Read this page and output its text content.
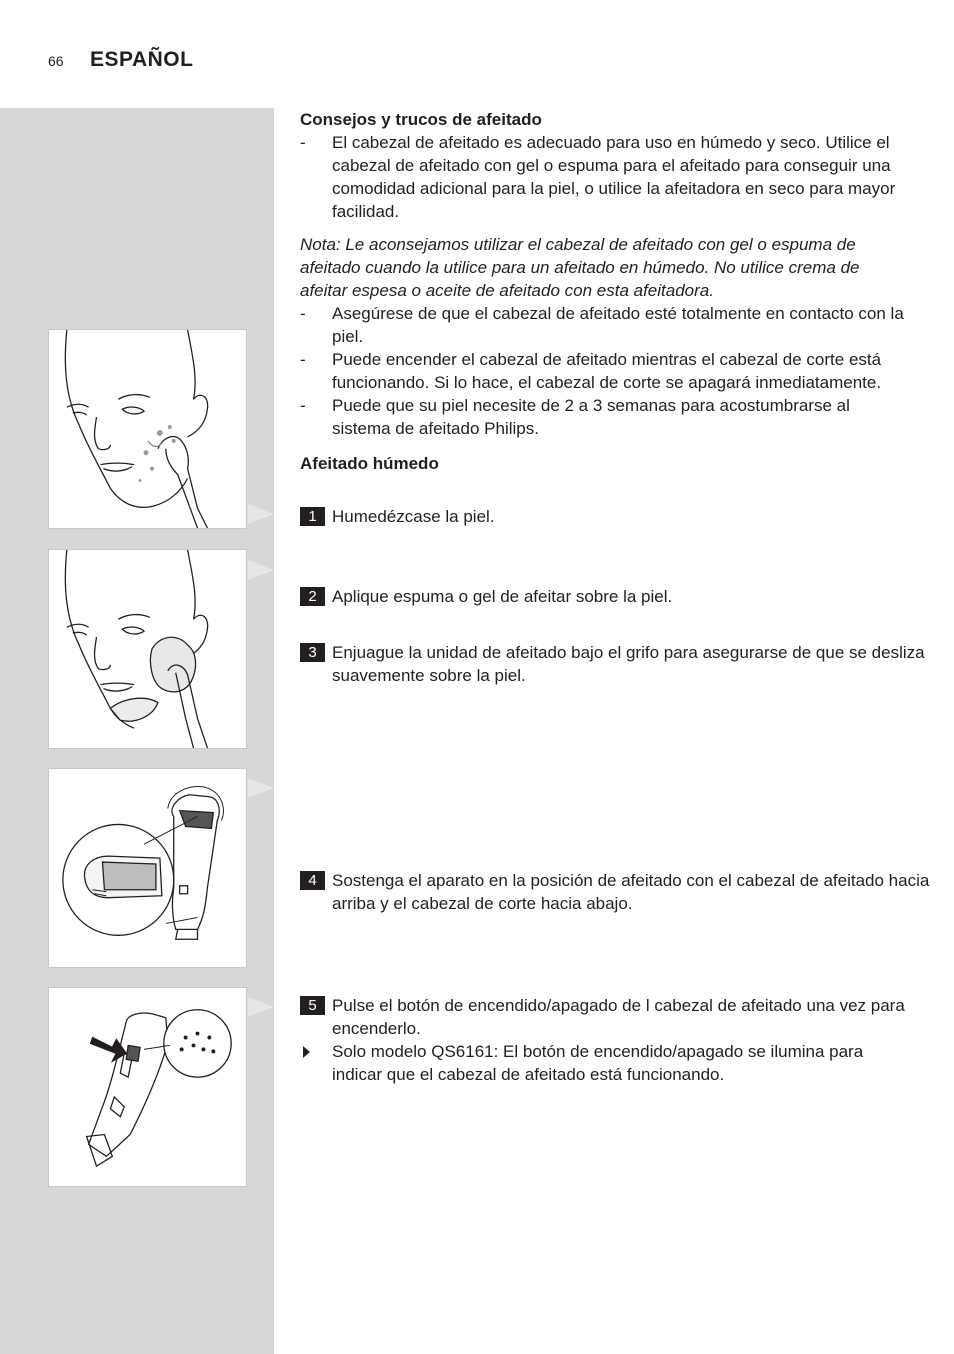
66 ESPAÑOL
Consejos y trucos de afeitado
- El cabezal de afeitado es adecuado para uso en húmedo y seco. Utilice el cabezal de afeitado con gel o espuma para el afeitado para conseguir una comodidad adicional para la piel, o utilice la afeitadora en seco para mayor facilidad.
Nota: Le aconsejamos utilizar el cabezal de afeitado con gel o espuma de afeitado cuando la utilice para un afeitado en húmedo. No utilice crema de afeitar espesa o aceite de afeitado con esta afeitadora.
- Asegúrese de que el cabezal de afeitado esté totalmente en contacto con la piel.
- Puede encender el cabezal de afeitado mientras el cabezal de corte está funcionando. Si lo hace, el cabezal de corte se apagará inmediatamente.
- Puede que su piel necesite de 2 a 3 semanas para acostumbrarse al sistema de afeitado Philips.
Afeitado húmedo
1 Humedézcase la piel.
2 Aplique espuma o gel de afeitar sobre la piel.
3 Enjuague la unidad de afeitado bajo el grifo para asegurarse de que se desliza suavemente sobre la piel.
4 Sostenga el aparato en la posición de afeitado con el cabezal de afeitado hacia arriba y el cabezal de corte hacia abajo.
5 Pulse el botón de encendido/apagado de l cabezal de afeitado una vez para encenderlo.
Solo modelo QS6161: El botón de encendido/apagado se ilumina para indicar que el cabezal de afeitado está funcionando.
